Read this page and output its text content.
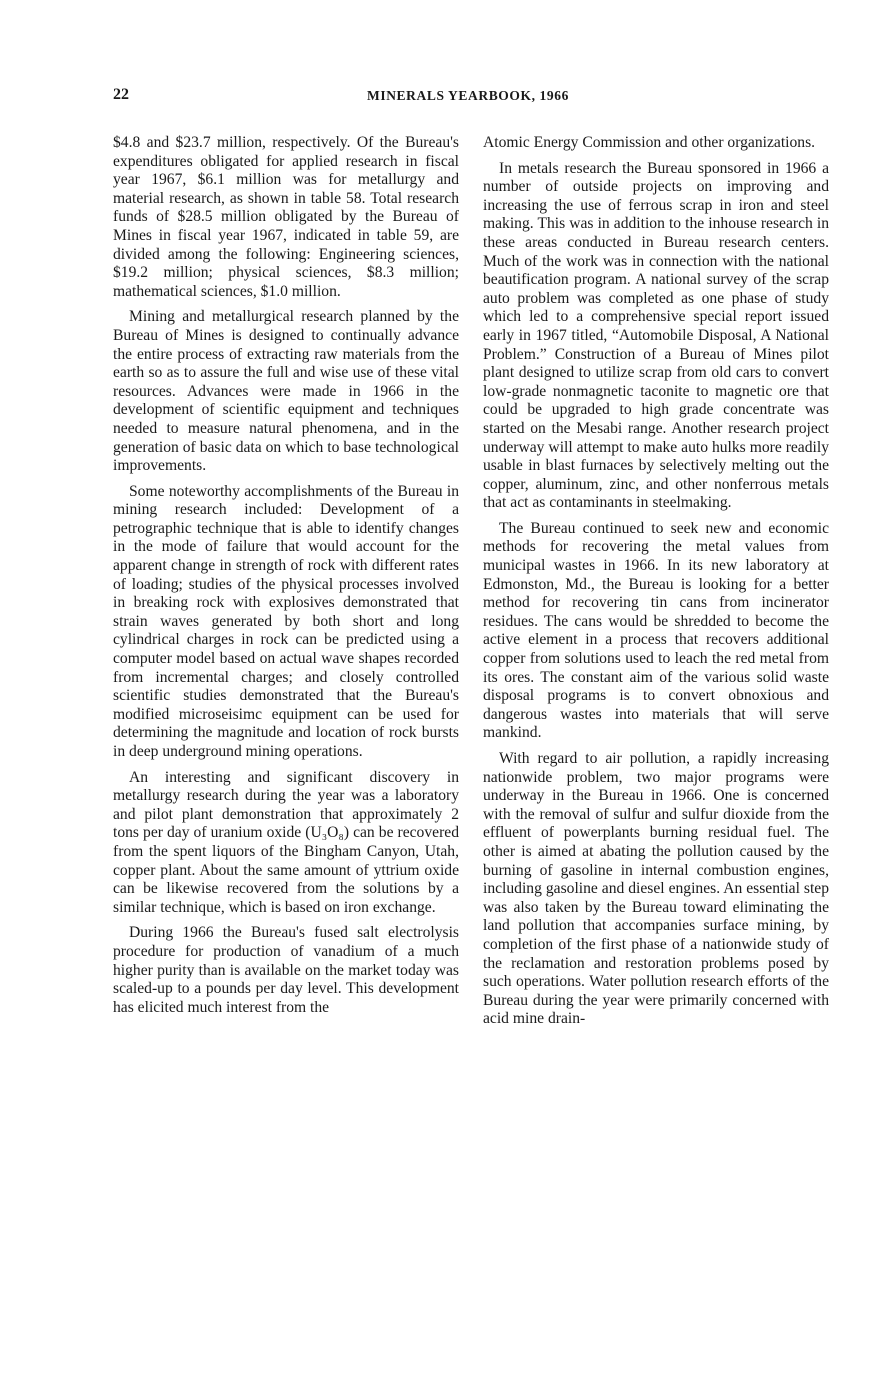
22	MINERALS YEARBOOK, 1966

$4.8 and $23.7 million, respectively. Of the Bureau's expenditures obligated for applied research in fiscal year 1967, $6.1 million was for metallurgy and material research, as shown in table 58. Total research funds of $28.5 million obligated by the Bureau of Mines in fiscal year 1967, indicated in table 59, are divided among the following: Engineering sciences, $19.2 million; physical sciences, $8.3 million; mathematical sciences, $1.0 million.

Mining and metallurgical research planned by the Bureau of Mines is designed to continually advance the entire process of extracting raw materials from the earth so as to assure the full and wise use of these vital resources. Advances were made in 1966 in the development of scientific equipment and techniques needed to measure natural phenomena, and in the generation of basic data on which to base technological improvements.

Some noteworthy accomplishments of the Bureau in mining research included: Development of a petrographic technique that is able to identify changes in the mode of failure that would account for the apparent change in strength of rock with different rates of loading; studies of the physical processes involved in breaking rock with explosives demonstrated that strain waves generated by both short and long cylindrical charges in rock can be predicted using a computer model based on actual wave shapes recorded from incremental charges; and closely controlled scientific studies demonstrated that the Bureau's modified microseisimc equipment can be used for determining the magnitude and location of rock bursts in deep underground mining operations.

An interesting and significant discovery in metallurgy research during the year was a laboratory and pilot plant demonstration that approximately 2 tons per day of uranium oxide (U₃O₈) can be recovered from the spent liquors of the Bingham Canyon, Utah, copper plant. About the same amount of yttrium oxide can be likewise recovered from the solutions by a similar technique, which is based on iron exchange.

During 1966 the Bureau's fused salt electrolysis procedure for production of vanadium of a much higher purity than is available on the market today was scaled-up to a pounds per day level. This development has elicited much interest from the

Atomic Energy Commission and other organizations.

In metals research the Bureau sponsored in 1966 a number of outside projects on improving and increasing the use of ferrous scrap in iron and steel making. This was in addition to the inhouse research in these areas conducted in Bureau research centers. Much of the work was in connection with the national beautification program. A national survey of the scrap auto problem was completed as one phase of study which led to a comprehensive special report issued early in 1967 titled, “Automobile Disposal, A National Problem.” Construction of a Bureau of Mines pilot plant designed to utilize scrap from old cars to convert low-grade nonmagnetic taconite to magnetic ore that could be upgraded to high grade concentrate was started on the Mesabi range. Another research project underway will attempt to make auto hulks more readily usable in blast furnaces by selectively melting out the copper, aluminum, zinc, and other nonferrous metals that act as contaminants in steelmaking.

The Bureau continued to seek new and economic methods for recovering the metal values from municipal wastes in 1966. In its new laboratory at Edmonston, Md., the Bureau is looking for a better method for recovering tin cans from incinerator residues. The cans would be shredded to become the active element in a process that recovers additional copper from solutions used to leach the red metal from its ores. The constant aim of the various solid waste disposal programs is to convert obnoxious and dangerous wastes into materials that will serve mankind.

With regard to air pollution, a rapidly increasing nationwide problem, two major programs were underway in the Bureau in 1966. One is concerned with the removal of sulfur and sulfur dioxide from the effluent of powerplants burning residual fuel. The other is aimed at abating the pollution caused by the burning of gasoline in internal combustion engines, including gasoline and diesel engines. An essential step was also taken by the Bureau toward eliminating the land pollution that accompanies surface mining, by completion of the first phase of a nationwide study of the reclamation and restoration problems posed by such operations. Water pollution research efforts of the Bureau during the year were primarily concerned with acid mine drain-
